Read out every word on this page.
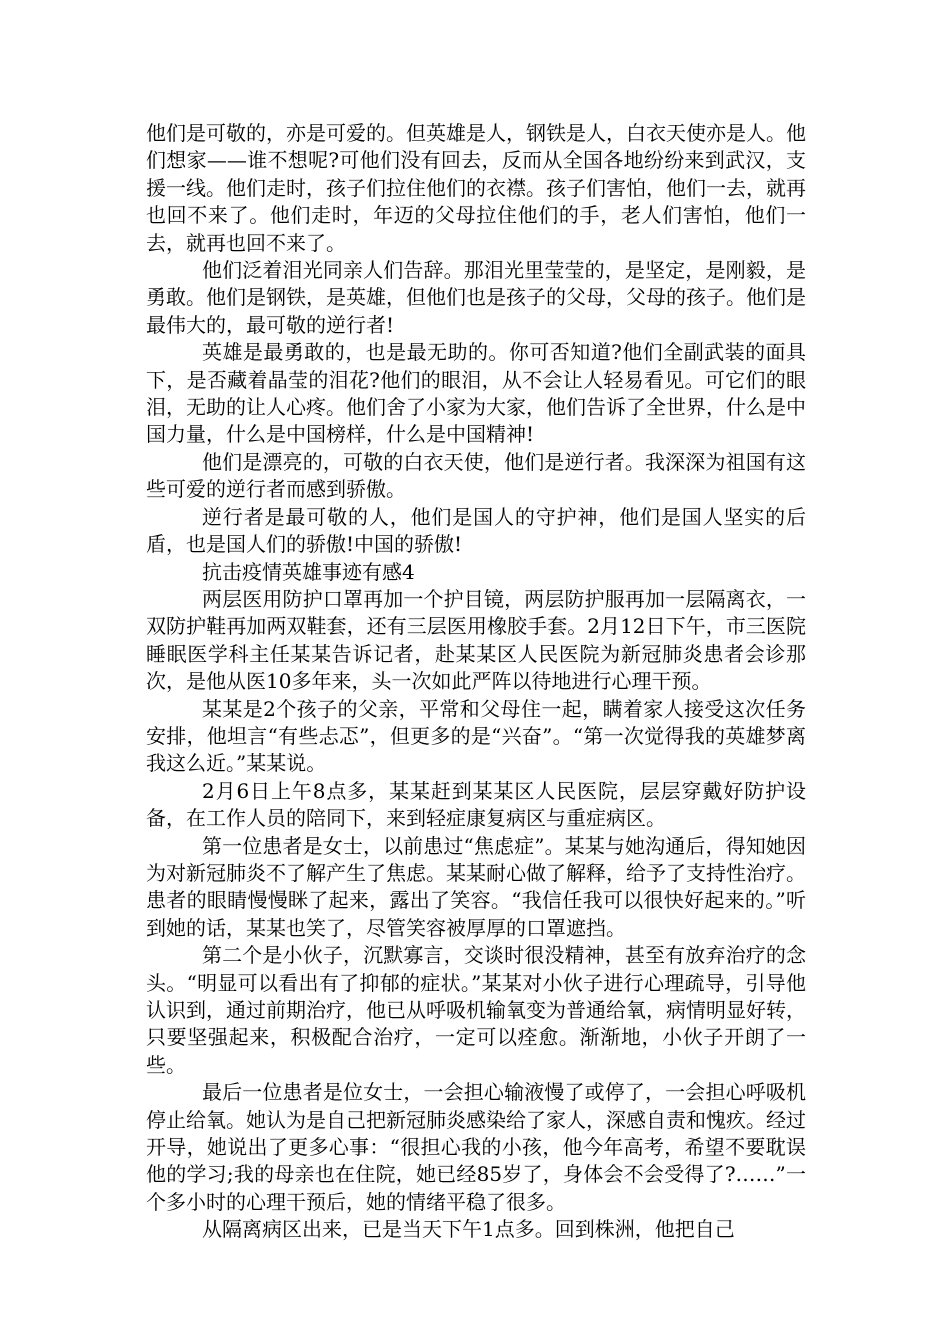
他们是可敬的，亦是可爱的。但英雄是人，钢铁是人，白衣天使亦是人。他们想家——谁不想呢?可他们没有回去，反而从全国各地纷纷来到武汉，支援一线。他们走时，孩子们拉住他们的衣襟。孩子们害怕，他们一去，就再也回不来了。他们走时，年迈的父母拉住他们的手，老人们害怕，他们一去，就再也回不来了。

他们泛着泪光同亲人们告辞。那泪光里莹莹的，是坚定，是刚毅，是勇敢。他们是钢铁，是英雄，但他们也是孩子的父母，父母的孩子。他们是最伟大的，最可敬的逆行者!

英雄是最勇敢的，也是最无助的。你可否知道?他们全副武装的面具下，是否藏着晶莹的泪花?他们的眼泪，从不会让人轻易看见。可它们的眼泪，无助的让人心疼。他们舍了小家为大家，他们告诉了全世界，什么是中国力量，什么是中国榜样，什么是中国精神!

他们是漂亮的，可敬的白衣天使，他们是逆行者。我深深为祖国有这些可爱的逆行者而感到骄傲。

逆行者是最可敬的人，他们是国人的守护神，他们是国人坚实的后盾，也是国人们的骄傲!中国的骄傲!

抗击疫情英雄事迹有感4

两层医用防护口罩再加一个护目镜，两层防护服再加一层隔离衣，一双防护鞋再加两双鞋套，还有三层医用橡胶手套。2月12日下午，市三医院睡眠医学科主任某某告诉记者，赴某某区人民医院为新冠肺炎患者会诊那次，是他从医10多年来，头一次如此严阵以待地进行心理干预。

某某是2个孩子的父亲，平常和父母住一起，瞒着家人接受这次任务安排，他坦言“有些忐忑”，但更多的是“兴奋”。“第一次觉得我的英雄梦离我这么近。”某某说。

2月6日上午8点多，某某赶到某某区人民医院，层层穿戴好防护设备，在工作人员的陪同下，来到轻症康复病区与重症病区。

第一位患者是女士，以前患过“焦虑症”。某某与她沟通后，得知她因为对新冠肺炎不了解产生了焦虑。某某耐心做了解释，给予了支持性治疗。患者的眼睛慢慢眯了起来，露出了笑容。“我信任我可以很快好起来的。”听到她的话，某某也笑了，尽管笑容被厚厚的口罩遮挡。

第二个是小伙子，沉默寡言，交谈时很没精神，甚至有放弃治疗的念头。“明显可以看出有了抑郁的症状。”某某对小伙子进行心理疏导，引导他认识到，通过前期治疗，他已从呼吸机输氧变为普通给氧，病情明显好转，只要坚强起来，积极配合治疗，一定可以痊愈。渐渐地，小伙子开朗了一些。

最后一位患者是位女士，一会担心输液慢了或停了，一会担心呼吸机停止给氧。她认为是自己把新冠肺炎感染给了家人，深感自责和愧疚。经过开导，她说出了更多心事：“很担心我的小孩，他今年高考，希望不要耽误他的学习;我的母亲也在住院，她已经85岁了，身体会不会受得了?……”一个多小时的心理干预后，她的情绪平稳了很多。

从隔离病区出来，已是当天下午1点多。回到株洲，他把自己
